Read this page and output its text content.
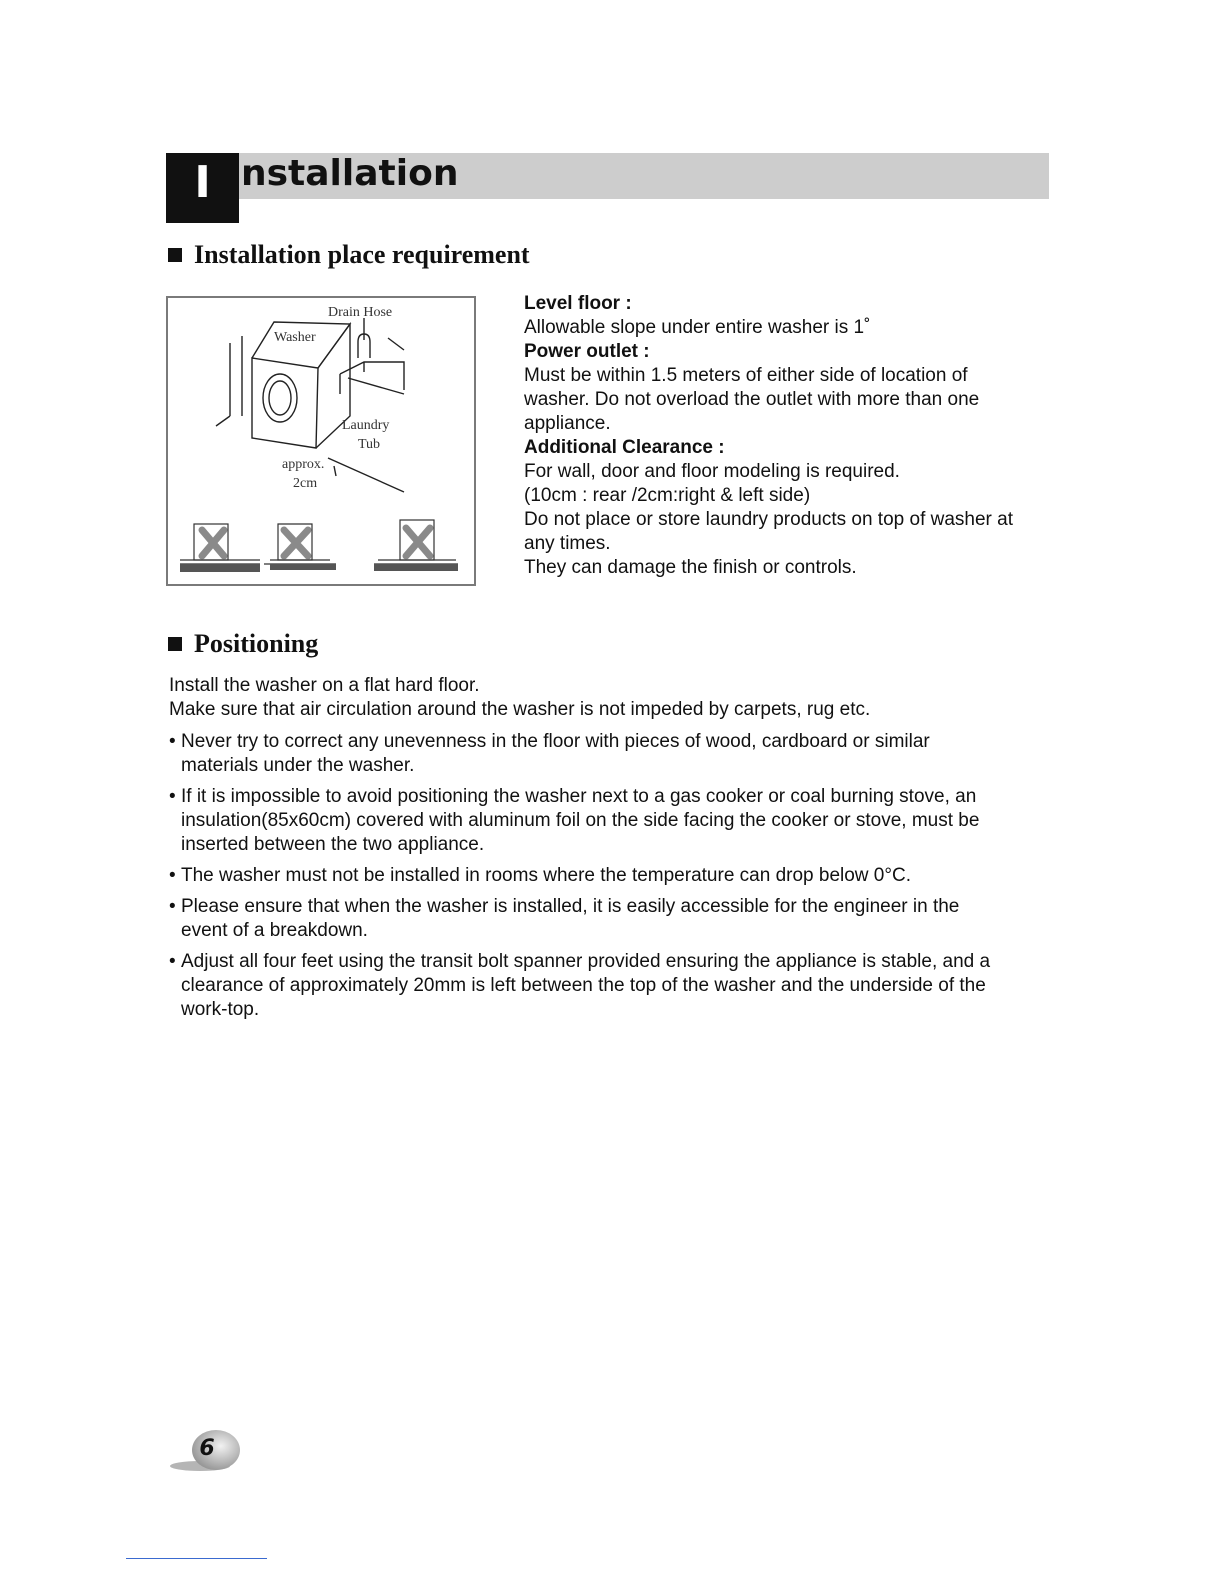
I nstallation
Installation place requirement
Drain Hose
Washer
Laundry
Tub
approx.
2cm

Level floor :

Allowable slope under entire washer is 1˚

Power outlet :

Must be within 1.5 meters of either side of location of

washer. Do not overload the outlet with more than one

appliance.

Additional Clearance :

For wall, door and floor modeling is required.

(10cm : rear /2cm:right & left side)

Do not place or store laundry products on top of washer at

any times.

They can damage the finish or controls.

Positioning

Install the washer on a flat hard floor.

Make sure that air circulation around the washer is not impeded by carpets, rug etc.

• Never try to correct any unevenness in the floor with pieces of wood, cardboard or similar
materials under the washer.
• If it is impossible to avoid positioning the washer next to a gas cooker or coal burning stove, an
insulation(85x60cm) covered with aluminum foil on the side facing the cooker or stove, must be
inserted between the two appliance.
• The washer must not be installed in rooms where the temperature can drop below 0°C.
• Please ensure that when the washer is installed, it is easily accessible for the engineer in the
event of a breakdown.
• Adjust all four feet using the transit bolt spanner provided ensuring the appliance is stable, and a
clearance of approximately 20mm is left between the top of the washer and the underside of the
work-top.
6
